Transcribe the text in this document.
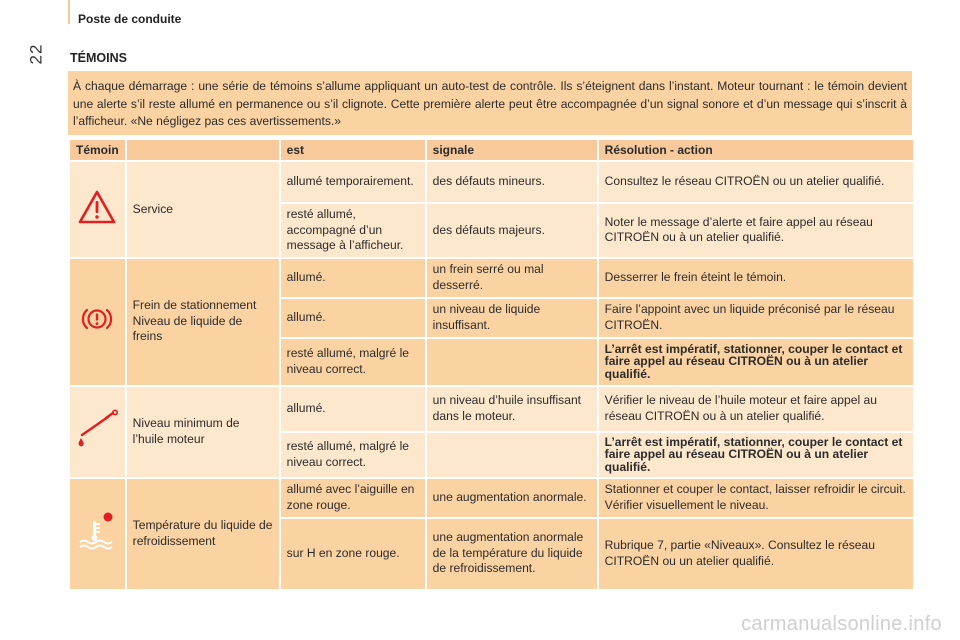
Poste de conduite
22 TÉMOINS
À chaque démarrage : une série de témoins s’allume appliquant un auto-test de contrôle. Ils s’éteignent dans l’instant. Moteur tournant : le témoin devient une alerte s’il reste allumé en permanence ou s’il clignote. Cette première alerte peut être accompagnée d’un signal sonore et d’un message qui s’inscrit à l’afficheur. «Ne négligez pas ces avertissements.»
Témoin		est	signale	Résolution - action
	Service	allumé temporairement.	des défauts mineurs.	Consultez le réseau CITROËN ou un atelier qualifié.
		resté allumé, accompagné d’un message à l’afficheur.	des défauts majeurs.	Noter le message d’alerte et faire appel au réseau CITROËN ou à un atelier qualifié.
	Frein de stationnement Niveau de liquide de freins	allumé.	un frein serré ou mal desserré.	Desserrer le frein éteint le témoin.
		allumé.	un niveau de liquide insuffisant.	Faire l’appoint avec un liquide préconisé par le réseau CITROËN.
		resté allumé, malgré le niveau correct.		L’arrêt est impératif, stationner, couper le contact et faire appel au réseau CITROËN ou à un atelier qualifié.
	Niveau minimum de l’huile moteur	allumé.	un niveau d’huile insuffisant dans le moteur.	Vérifier le niveau de l’huile moteur et faire appel au réseau CITROËN ou à un atelier qualifié.
		resté allumé, malgré le niveau correct.		L’arrêt est impératif, stationner, couper le contact et faire appel au réseau CITROËN ou à un atelier qualifié.
	Température du liquide de refroidissement	allumé avec l’aiguille en zone rouge.	une augmentation anormale.	Stationner et couper le contact, laisser refroidir le circuit. Vérifier visuellement le niveau.
		sur H en zone rouge.	une augmentation anormale de la température du liquide de refroidissement.	Rubrique 7, partie «Niveaux». Consultez le réseau CITROËN ou un atelier qualifié.
carmanualsonline.info
